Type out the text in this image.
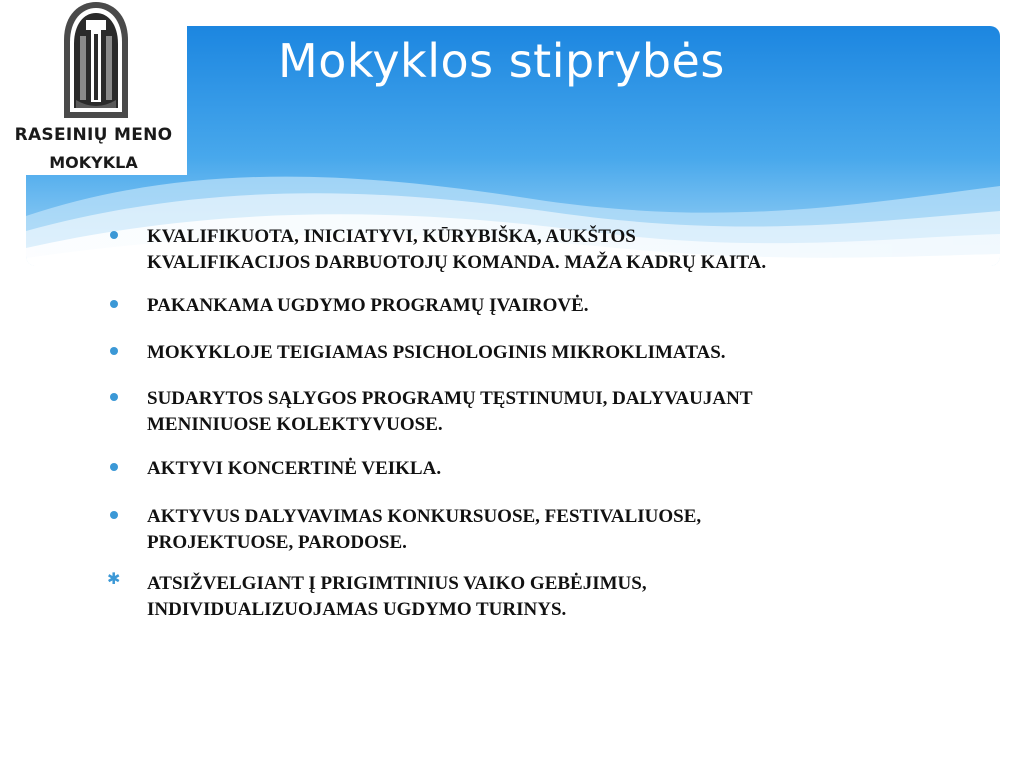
Mokyklos stiprybės
RASEINIŲ MENO
MOKYKLA
KVALIFIKUOTA, INICIATYVI, KŪRYBIŠKA, AUKŠTOS
KVALIFIKACIJOS DARBUOTOJŲ KOMANDA. MAŽA KADRŲ KAITA.
PAKANKAMA UGDYMO PROGRAMŲ ĮVAIROVĖ.
MOKYKLOJE TEIGIAMAS PSICHOLOGINIS MIKROKLIMATAS.
SUDARYTOS SĄLYGOS PROGRAMŲ TĘSTINUMUI, DALYVAUJANT
MENINIUOSE KOLEKTYVUOSE.
AKTYVI KONCERTINĖ VEIKLA.
AKTYVUS DALYVAVIMAS KONKURSUOSE, FESTIVALIUOSE,
PROJEKTUOSE, PARODOSE.
✱ ATSIŽVELGIANT Į PRIGIMTINIUS VAIKO GEBĖJIMUS,
INDIVIDUALIZUOJAMAS UGDYMO TURINYS.
